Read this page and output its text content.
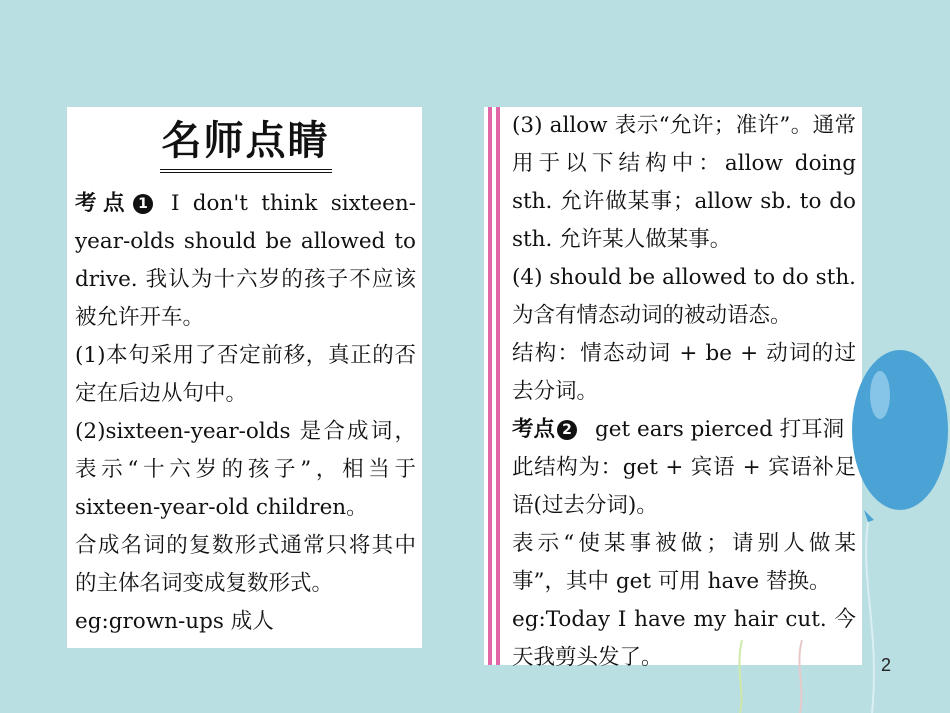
名师点睛

考点 1 I don't think sixteen-year-olds should be allowed to drive. 我认为十六岁的孩子不应该被允许开车。

(1)本句采用了否定前移，真正的否定在后边从句中。

(2)sixteen-year-olds 是合成词，表示“十六岁的孩子”，相当于 sixteen-year-old children。

合成名词的复数形式通常只将其中的主体名词变成复数形式。

eg:grown-ups 成人

(3) allow 表示“允许；准许”。通常用于以下结构中：allow doing sth. 允许做某事；allow sb. to do sth. 允许某人做某事。

(4) should be allowed to do sth. 为含有情态动词的被动语态。

结构：情态动词 + be + 动词的过去分词。

考点 2 get ears pierced 打耳洞

此结构为：get + 宾语 + 宾语补足语(过去分词)。

表示“使某事被做；请别人做某事”，其中 get 可用 have 替换。

eg:Today I have my hair cut. 今天我剪头发了。	2
